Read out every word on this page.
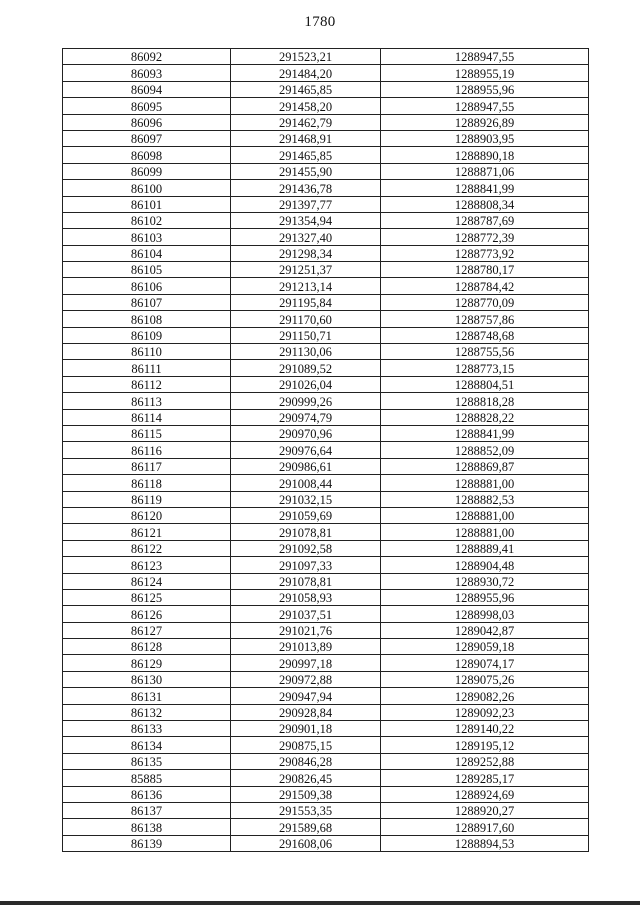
1780
86092	291523,21	1288947,55
86093	291484,20	1288955,19
86094	291465,85	1288955,96
86095	291458,20	1288947,55
86096	291462,79	1288926,89
86097	291468,91	1288903,95
86098	291465,85	1288890,18
86099	291455,90	1288871,06
86100	291436,78	1288841,99
86101	291397,77	1288808,34
86102	291354,94	1288787,69
86103	291327,40	1288772,39
86104	291298,34	1288773,92
86105	291251,37	1288780,17
86106	291213,14	1288784,42
86107	291195,84	1288770,09
86108	291170,60	1288757,86
86109	291150,71	1288748,68
86110	291130,06	1288755,56
86111	291089,52	1288773,15
86112	291026,04	1288804,51
86113	290999,26	1288818,28
86114	290974,79	1288828,22
86115	290970,96	1288841,99
86116	290976,64	1288852,09
86117	290986,61	1288869,87
86118	291008,44	1288881,00
86119	291032,15	1288882,53
86120	291059,69	1288881,00
86121	291078,81	1288881,00
86122	291092,58	1288889,41
86123	291097,33	1288904,48
86124	291078,81	1288930,72
86125	291058,93	1288955,96
86126	291037,51	1288998,03
86127	291021,76	1289042,87
86128	291013,89	1289059,18
86129	290997,18	1289074,17
86130	290972,88	1289075,26
86131	290947,94	1289082,26
86132	290928,84	1289092,23
86133	290901,18	1289140,22
86134	290875,15	1289195,12
86135	290846,28	1289252,88
85885	290826,45	1289285,17
86136	291509,38	1288924,69
86137	291553,35	1288920,27
86138	291589,68	1288917,60
86139	291608,06	1288894,53
